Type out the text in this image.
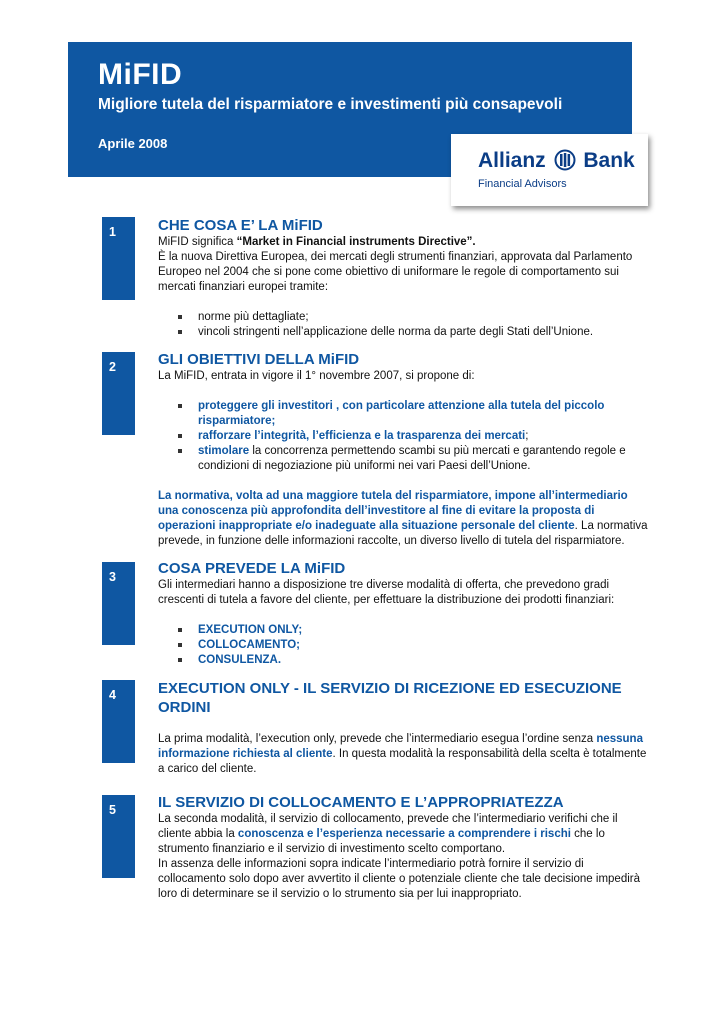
MiFID
Migliore tutela del risparmiatore e investimenti più consapevoli
Aprile 2008
Allianz Bank
Financial Advisors
1	CHE COSA E’ LA MiFID

MiFID significa “Market in Financial instruments Directive”.

È la nuova Direttiva Europea, dei mercati degli strumenti finanziari, approvata dal Parlamento Europeo nel 2004 che si pone come obiettivo di uniformare le regole di comportamento sui mercati finanziari europei tramite:

norme più dettagliate;
vincoli stringenti nell’applicazione delle norma da parte degli Stati dell’Unione.
2	GLI OBIETTIVI DELLA MiFID

La MiFID, entrata in vigore il 1° novembre 2007, si propone di:

proteggere gli investitori , con particolare attenzione alla tutela del piccolo risparmiatore;
rafforzare l’integrità, l’efficienza e la trasparenza dei mercati;
stimolare la concorrenza permettendo scambi su più mercati e garantendo regole e condizioni di negoziazione più uniformi nei vari Paesi dell’Unione.

La normativa, volta ad una maggiore tutela del risparmiatore, impone all’intermediario una conoscenza più approfondita dell’investitore al fine di evitare la proposta di operazioni inappropriate e/o inadeguate alla situazione personale del cliente. La normativa prevede, in funzione delle informazioni raccolte, un diverso livello di tutela del risparmiatore.

3	COSA PREVEDE LA MiFID

Gli intermediari hanno a disposizione tre diverse modalità di offerta, che prevedono gradi crescenti di tutela a favore del cliente, per effettuare la distribuzione dei prodotti finanziari:

EXECUTION ONLY;
COLLOCAMENTO;
CONSULENZA.
4	EXECUTION ONLY - IL SERVIZIO DI RICEZIONE ED ESECUZIONE ORDINI

La prima modalità, l’execution only, prevede che l’intermediario esegua l’ordine senza nessuna informazione richiesta al cliente. In questa modalità la responsabilità della scelta è totalmente a carico del cliente.

5	IL SERVIZIO DI COLLOCAMENTO E L’APPROPRIATEZZA

La seconda modalità, il servizio di collocamento, prevede che l’intermediario verifichi che il cliente abbia la conoscenza e l’esperienza necessarie a comprendere i rischi che lo strumento finanziario e il servizio di investimento scelto comportano.

In assenza delle informazioni sopra indicate l’intermediario potrà fornire il servizio di collocamento solo dopo aver avvertito il cliente o potenziale cliente che tale decisione impedirà loro di determinare se il servizio o lo strumento sia per lui inappropriato.
